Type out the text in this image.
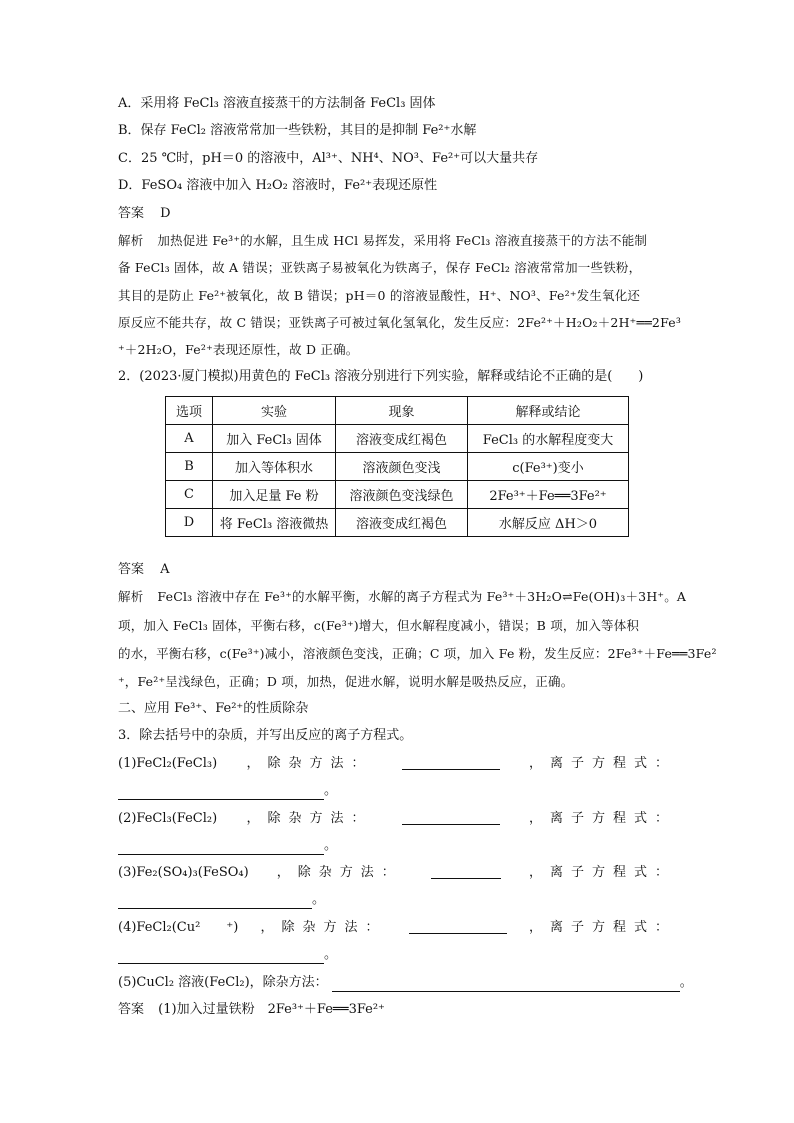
A．采用将 FeCl₃ 溶液直接蒸干的方法制备 FeCl₃ 固体
B．保存 FeCl₂ 溶液常常加一些铁粉，其目的是抑制 Fe²⁺水解
C．25 ℃时，pH＝0 的溶液中，Al³⁺、NH⁴、NO³、Fe²⁺可以大量共存
D．FeSO₄ 溶液中加入 H₂O₂ 溶液时，Fe²⁺表现还原性
答案 D
解析 加热促进 Fe³⁺的水解，且生成 HCl 易挥发，采用将 FeCl₃ 溶液直接蒸干的方法不能制
备 FeCl₃ 固体，故 A 错误；亚铁离子易被氧化为铁离子，保存 FeCl₂ 溶液常常加一些铁粉，
其目的是防止 Fe²⁺被氧化，故 B 错误；pH＝0 的溶液显酸性，H⁺、NO³、Fe²⁺发生氧化还
原反应不能共存，故 C 错误；亚铁离子可被过氧化氢氧化，发生反应：2Fe²⁺＋H₂O₂＋2H⁺══2Fe³
⁺＋2H₂O，Fe²⁺表现还原性，故 D 正确。
2．(2023·厦门模拟)用黄色的 FeCl₃ 溶液分别进行下列实验，解释或结论不正确的是(　　)
选项	实验	现象	解释或结论
A	加入 FeCl₃ 固体	溶液变成红褐色	FeCl₃ 的水解程度变大
B	加入等体积水	溶液颜色变浅	c(Fe³⁺)变小
C	加入足量 Fe 粉	溶液颜色变浅绿色	2Fe³⁺＋Fe══3Fe²⁺
D	将 FeCl₃ 溶液微热	溶液变成红褐色	水解反应 ΔH＞0
答案 A
解析 FeCl₃ 溶液中存在 Fe³⁺的水解平衡，水解的离子方程式为 Fe³⁺＋3H₂O⇌Fe(OH)₃＋3H⁺。A
项，加入 FeCl₃ 固体，平衡右移，c(Fe³⁺)增大，但水解程度减小，错误；B 项，加入等体积
的水，平衡右移，c(Fe³⁺)减小，溶液颜色变浅，正确；C 项，加入 Fe 粉，发生反应：2Fe³⁺＋Fe══3Fe²
⁺，Fe²⁺呈浅绿色，正确；D 项，加热，促进水解，说明水解是吸热反应，正确。
二、应用 Fe³⁺、Fe²⁺的性质除杂
3．除去括号中的杂质，并写出反应的离子方程式。
(1)FeCl₂(FeCl₃) ，除杂方法：	，离子方程式：
。
(2)FeCl₃(FeCl₂) ，除杂方法：	，离子方程式：
。
(3)Fe₂(SO₄)₃(FeSO₄) ，除杂方法：	，离子方程式：
。
(4)FeCl₂(Cu²　　⁺) ，除杂方法：	，离子方程式：
。
(5)CuCl₂ 溶液(FeCl₂)，除杂方法：	。
答案 (1)加入过量铁粉　2Fe³⁺＋Fe══3Fe²⁺
